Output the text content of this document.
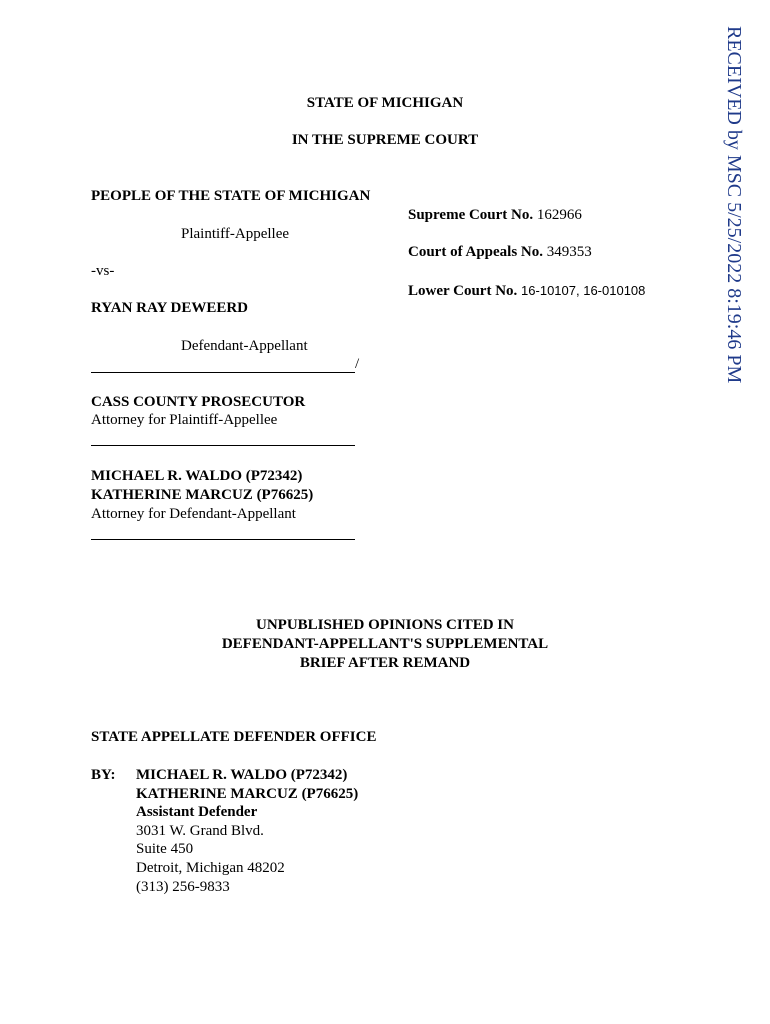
STATE OF MICHIGAN
IN THE SUPREME COURT
PEOPLE OF THE STATE OF MICHIGAN
Plaintiff-Appellee
-vs-
RYAN RAY DEWEERD
Defendant-Appellant
/
Supreme Court No. 162966
Court of Appeals No. 349353
Lower Court No. 16-10107, 16-010108
CASS COUNTY PROSECUTOR
Attorney for Plaintiff-Appellee
MICHAEL R. WALDO (P72342)
KATHERINE MARCUZ (P76625)
Attorney for Defendant-Appellant
UNPUBLISHED OPINIONS CITED IN
DEFENDANT-APPELLANT'S SUPPLEMENTAL
BRIEF AFTER REMAND
STATE APPELLATE DEFENDER OFFICE
BY: MICHAEL R. WALDO (P72342)
KATHERINE MARCUZ (P76625)
Assistant Defender
3031 W. Grand Blvd.
Suite 450
Detroit, Michigan 48202
(313) 256-9833
RECEIVED by MSC 5/25/2022 8:19:46 PM
